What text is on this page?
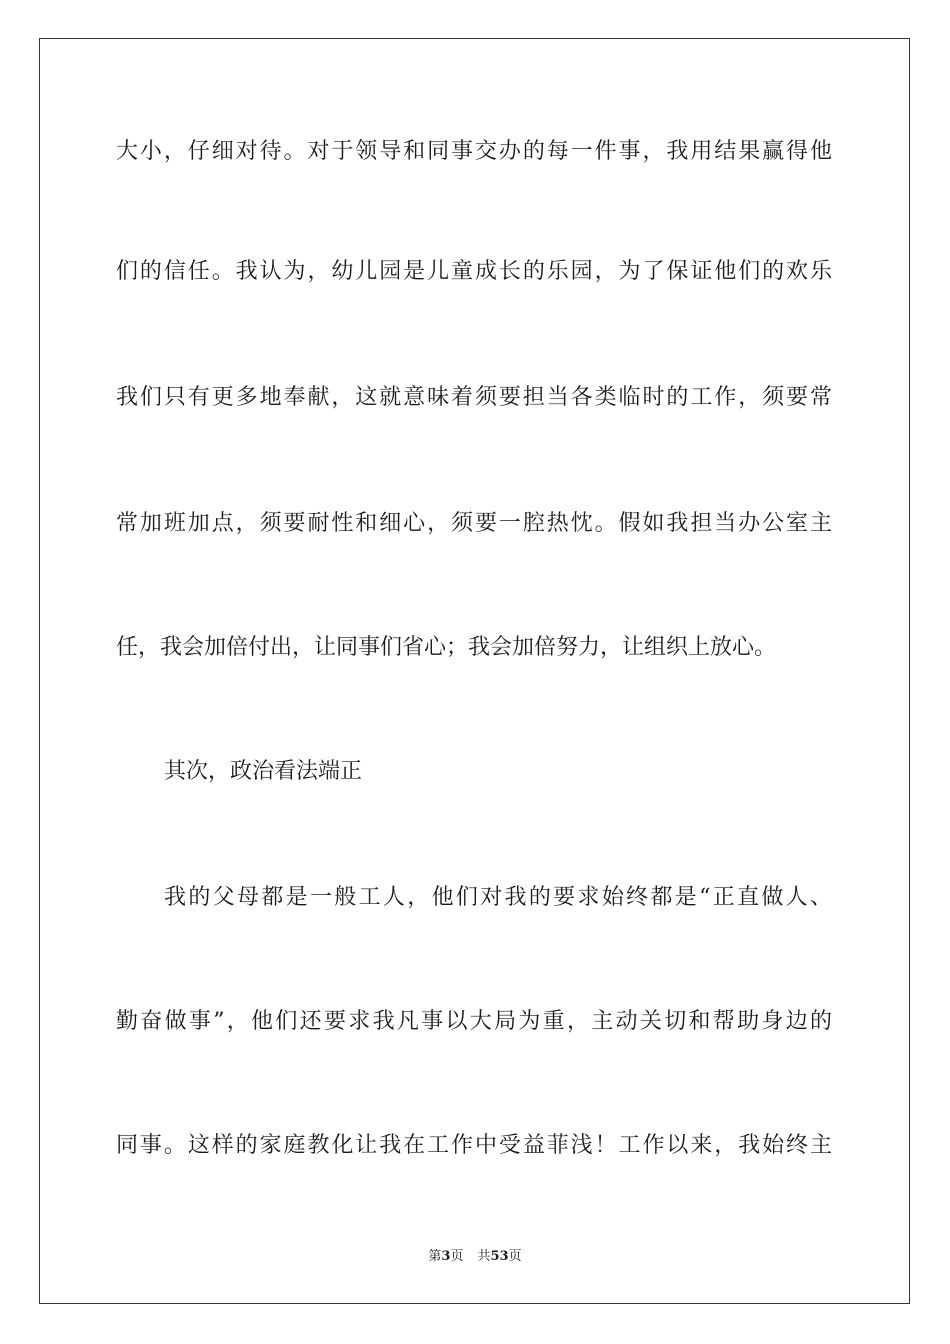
大小，仔细对待。对于领导和同事交办的每一件事，我用结果赢得他
们的信任。我认为，幼儿园是儿童成长的乐园，为了保证他们的欢乐
我们只有更多地奉献，这就意味着须要担当各类临时的工作，须要常
常加班加点，须要耐性和细心，须要一腔热忱。假如我担当办公室主
任，我会加倍付出，让同事们省心；我会加倍努力，让组织上放心。
其次，政治看法端正
我的父母都是一般工人，他们对我的要求始终都是“正直做人、
勤奋做事”，他们还要求我凡事以大局为重，主动关切和帮助身边的
同事。这样的家庭教化让我在工作中受益菲浅！工作以来，我始终主
第3页 共53页
